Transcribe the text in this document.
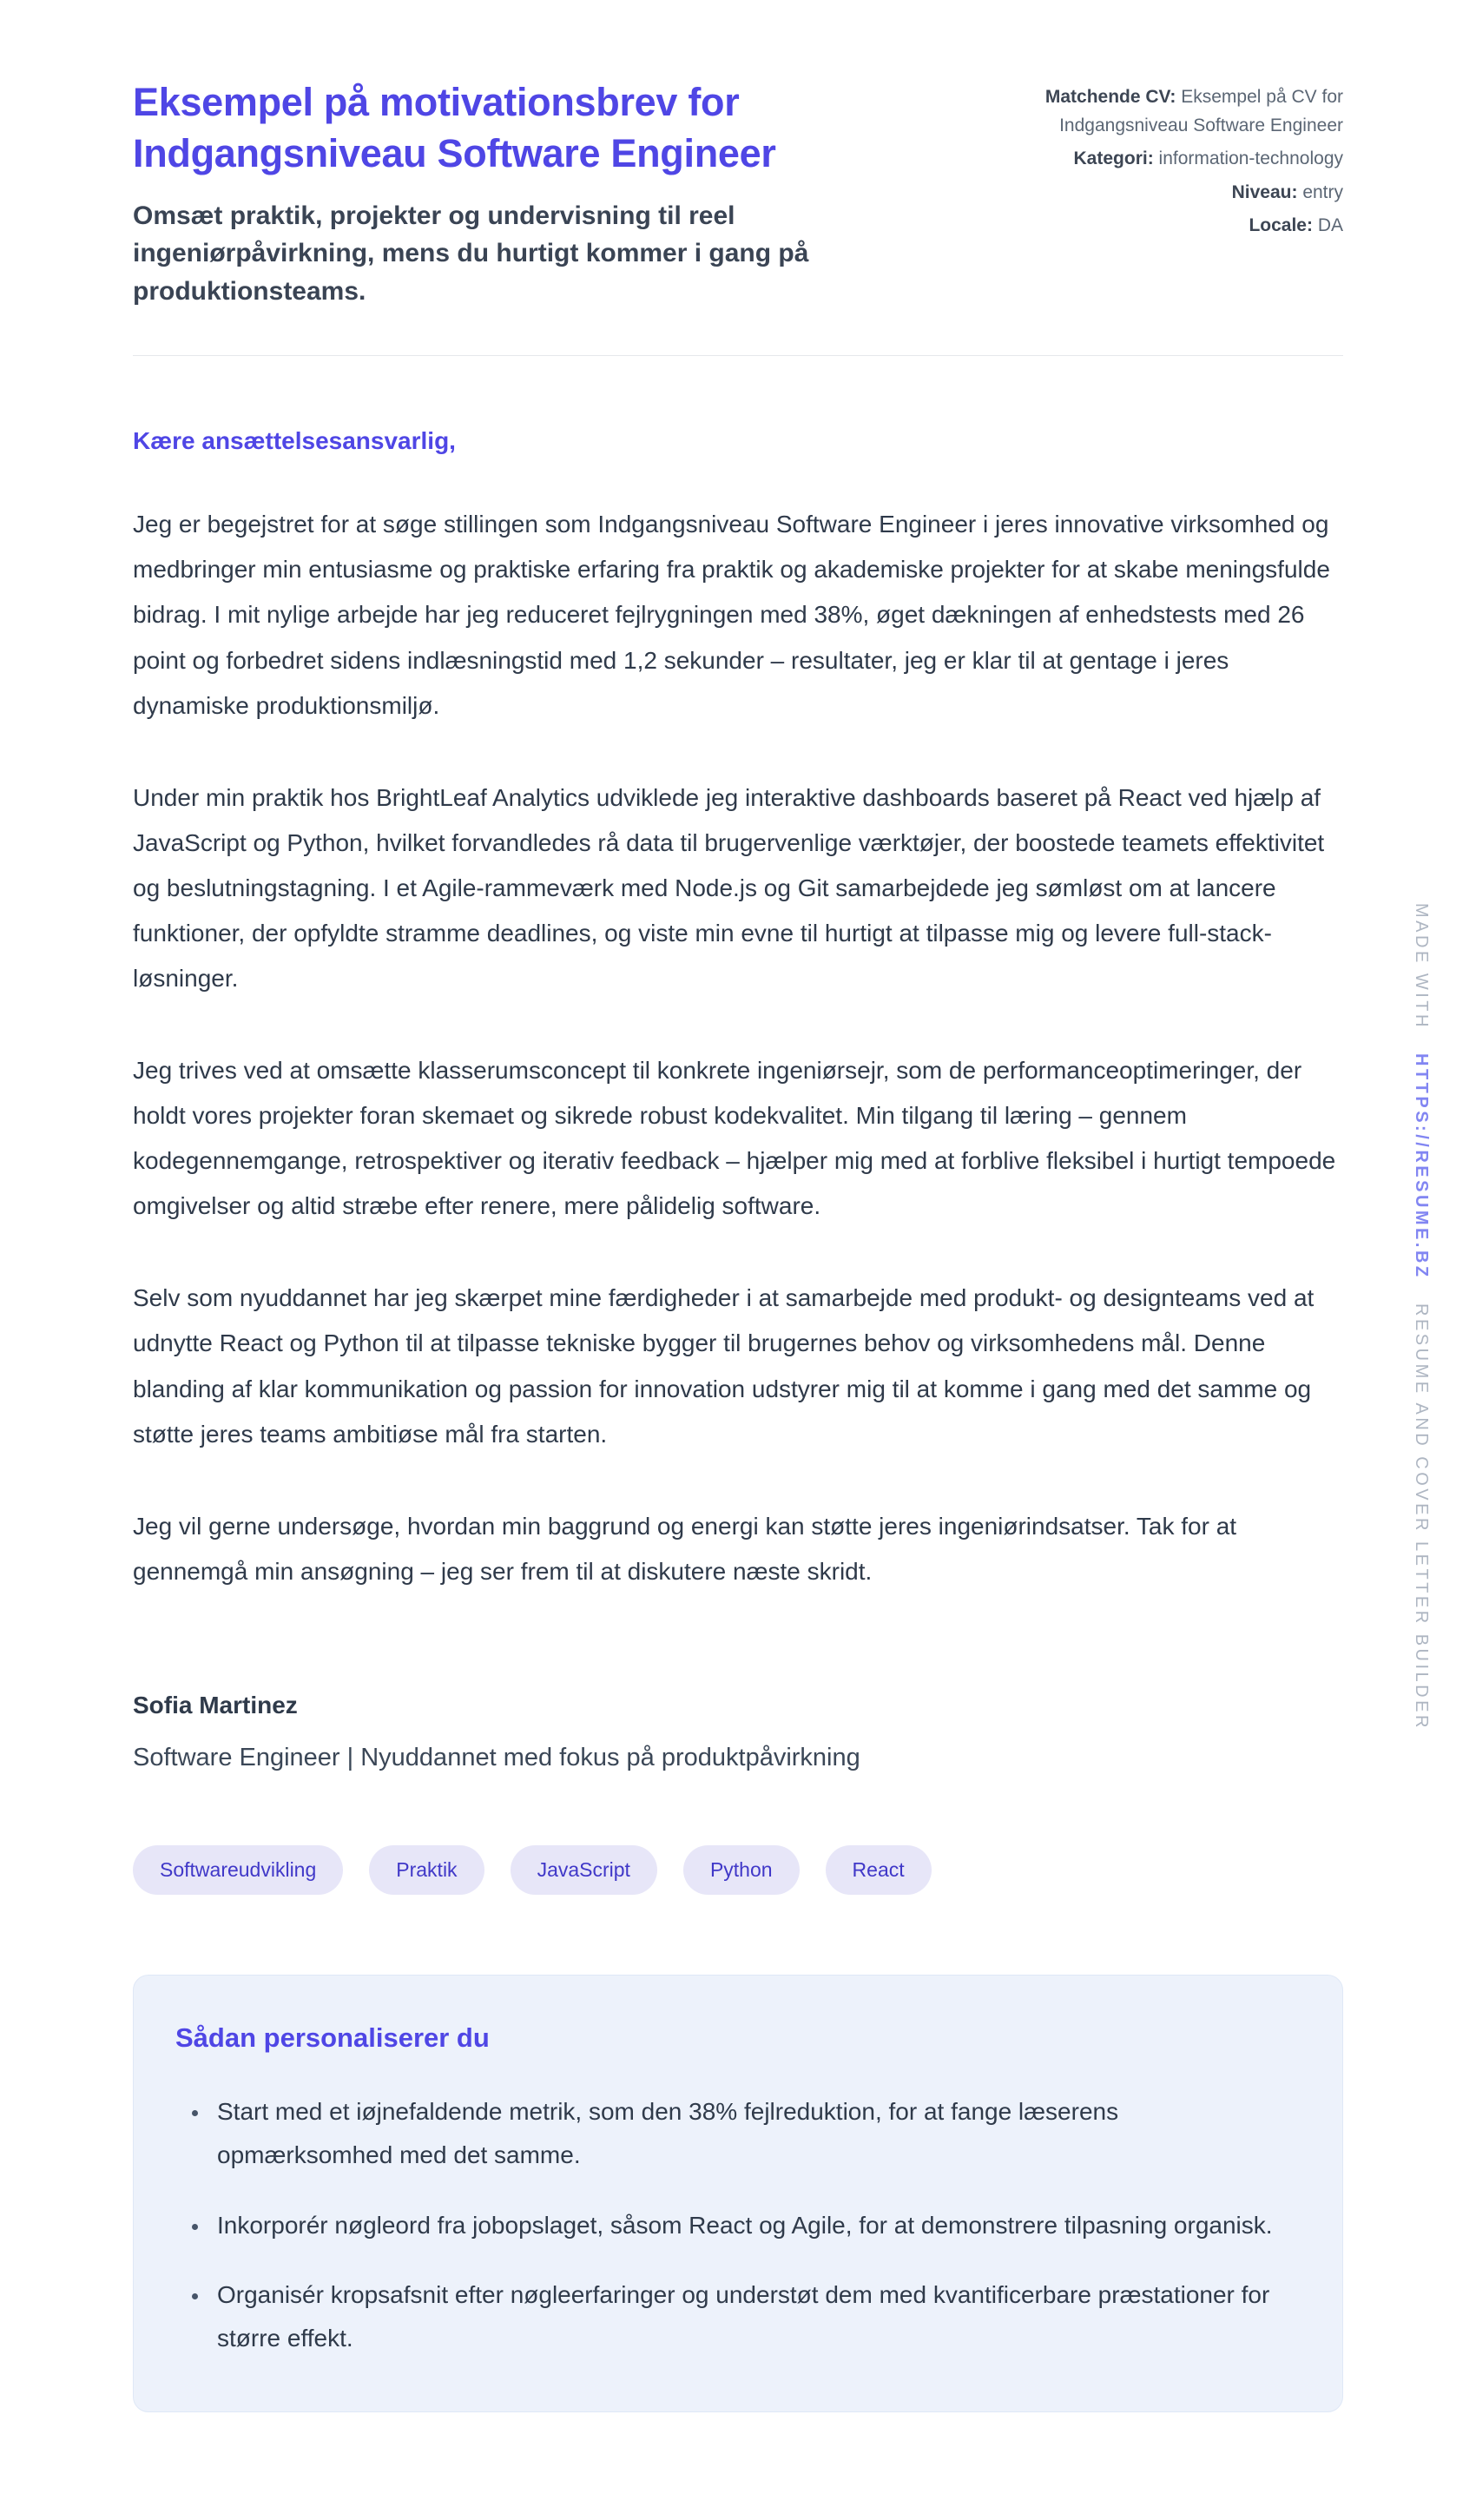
Eksempel på motivationsbrev for Indgangsniveau Software Engineer

Omsæt praktik, projekter og undervisning til reel ingeniørpåvirkning, mens du hurtigt kommer i gang på produktionsteams.

Matchende CV: Eksempel på CV for Indgangsniveau Software Engineer
Kategori: information-technology
Niveau: entry
Locale: DA

Kære ansættelsesansvarlig,

Jeg er begejstret for at søge stillingen som Indgangsniveau Software Engineer i jeres innovative virksomhed og medbringer min entusiasme og praktiske erfaring fra praktik og akademiske projekter for at skabe meningsfulde bidrag. I mit nylige arbejde har jeg reduceret fejlrygningen med 38%, øget dækningen af enhedstests med 26 point og forbedret sidens indlæsningstid med 1,2 sekunder – resultater, jeg er klar til at gentage i jeres dynamiske produktionsmiljø.

Under min praktik hos BrightLeaf Analytics udviklede jeg interaktive dashboards baseret på React ved hjælp af JavaScript og Python, hvilket forvandledes rå data til brugervenlige værktøjer, der boostede teamets effektivitet og beslutningstagning. I et Agile-rammeværk med Node.js og Git samarbejdede jeg sømløst om at lancere funktioner, der opfyldte stramme deadlines, og viste min evne til hurtigt at tilpasse mig og levere full-stack-løsninger.

Jeg trives ved at omsætte klasserumsconcept til konkrete ingeniørsejr, som de performanceoptimeringer, der holdt vores projekter foran skemaet og sikrede robust kodekvalitet. Min tilgang til læring – gennem kodegennemgange, retrospektiver og iterativ feedback – hjælper mig med at forblive fleksibel i hurtigt tempoede omgivelser og altid stræbe efter renere, mere pålidelig software.

Selv som nyuddannet har jeg skærpet mine færdigheder i at samarbejde med produkt- og designteams ved at udnytte React og Python til at tilpasse tekniske bygger til brugernes behov og virksomhedens mål. Denne blanding af klar kommunikation og passion for innovation udstyrer mig til at komme i gang med det samme og støtte jeres teams ambitiøse mål fra starten.

Jeg vil gerne undersøge, hvordan min baggrund og energi kan støtte jeres ingeniørindsatser. Tak for at gennemgå min ansøgning – jeg ser frem til at diskutere næste skridt.

Sofia Martinez

Software Engineer | Nyuddannet med fokus på produktpåvirkning

Softwareudvikling	Praktik	JavaScript	Python	React
Sådan personaliserer du
• Start med et iøjnefaldende metrik, som den 38% fejlreduktion, for at fange læserens opmærksomhed med det samme.
• Inkorporér nøgleord fra jobopslaget, såsom React og Agile, for at demonstrere tilpasning organisk.
• Organisér kropsafsnit efter nøgleerfaringer og understøt dem med kvantificerbare præstationer for større effekt.
MADE WITH HTTPS://RESUME.BZ RESUME AND COVER LETTER BUILDER
